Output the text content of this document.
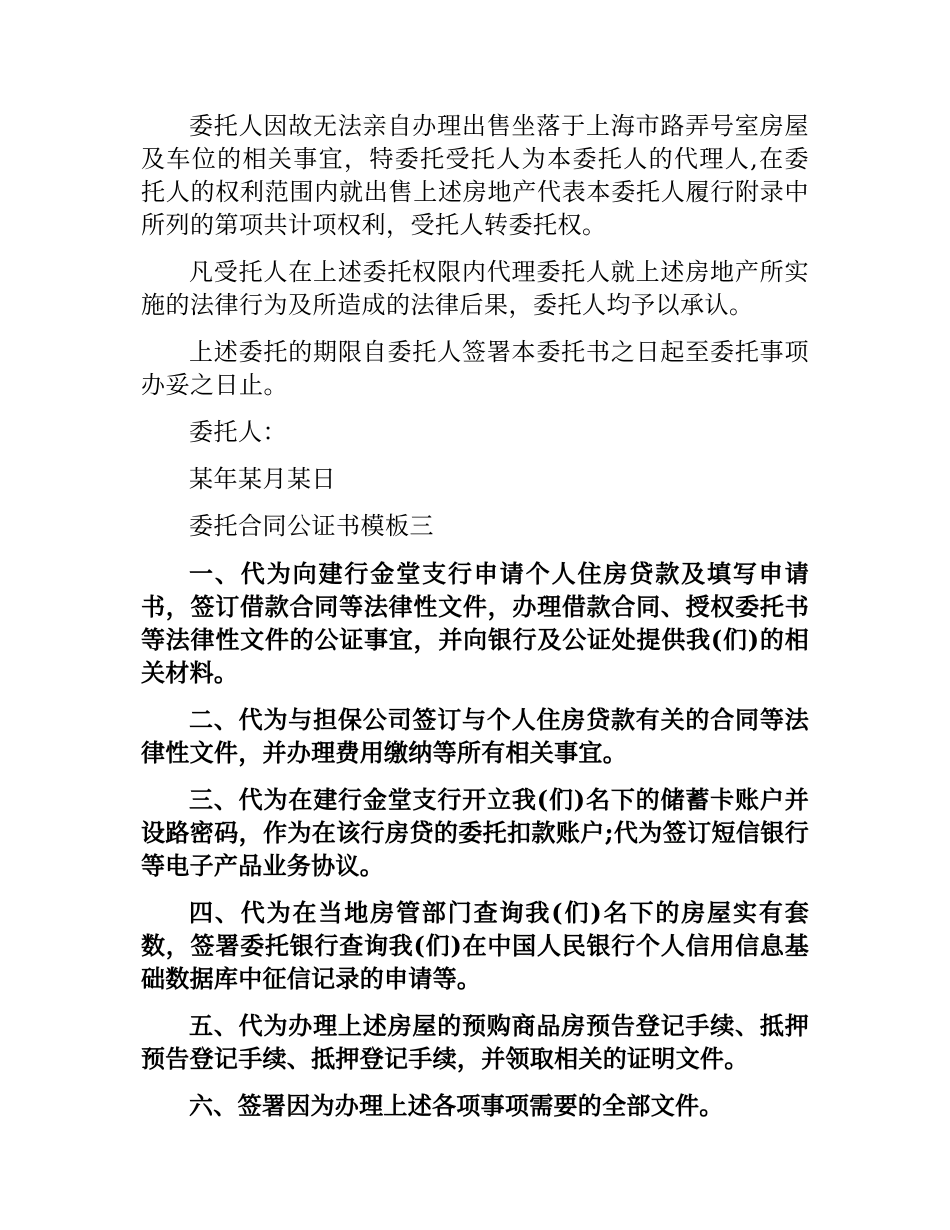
委托人因故无法亲自办理出售坐落于上海市路弄号室房屋及车位的相关事宜，特委托受托人为本委托人的代理人,在委托人的权利范围内就出售上述房地产代表本委托人履行附录中所列的第项共计项权利，受托人转委托权。

凡受托人在上述委托权限内代理委托人就上述房地产所实施的法律行为及所造成的法律后果，委托人均予以承认。

上述委托的期限自委托人签署本委托书之日起至委托事项办妥之日止。

委托人：

某年某月某日

委托合同公证书模板三

一、代为向建行金堂支行申请个人住房贷款及填写申请书，签订借款合同等法律性文件，办理借款合同、授权委托书等法律性文件的公证事宜，并向银行及公证处提供我(们)的相关材料。

二、代为与担保公司签订与个人住房贷款有关的合同等法律性文件，并办理费用缴纳等所有相关事宜。

三、代为在建行金堂支行开立我(们)名下的储蓄卡账户并设路密码，作为在该行房贷的委托扣款账户;代为签订短信银行等电子产品业务协议。

四、代为在当地房管部门查询我(们)名下的房屋实有套数，签署委托银行查询我(们)在中国人民银行个人信用信息基础数据库中征信记录的申请等。

五、代为办理上述房屋的预购商品房预告登记手续、抵押预告登记手续、抵押登记手续，并领取相关的证明文件。

六、签署因为办理上述各项事项需要的全部文件。
